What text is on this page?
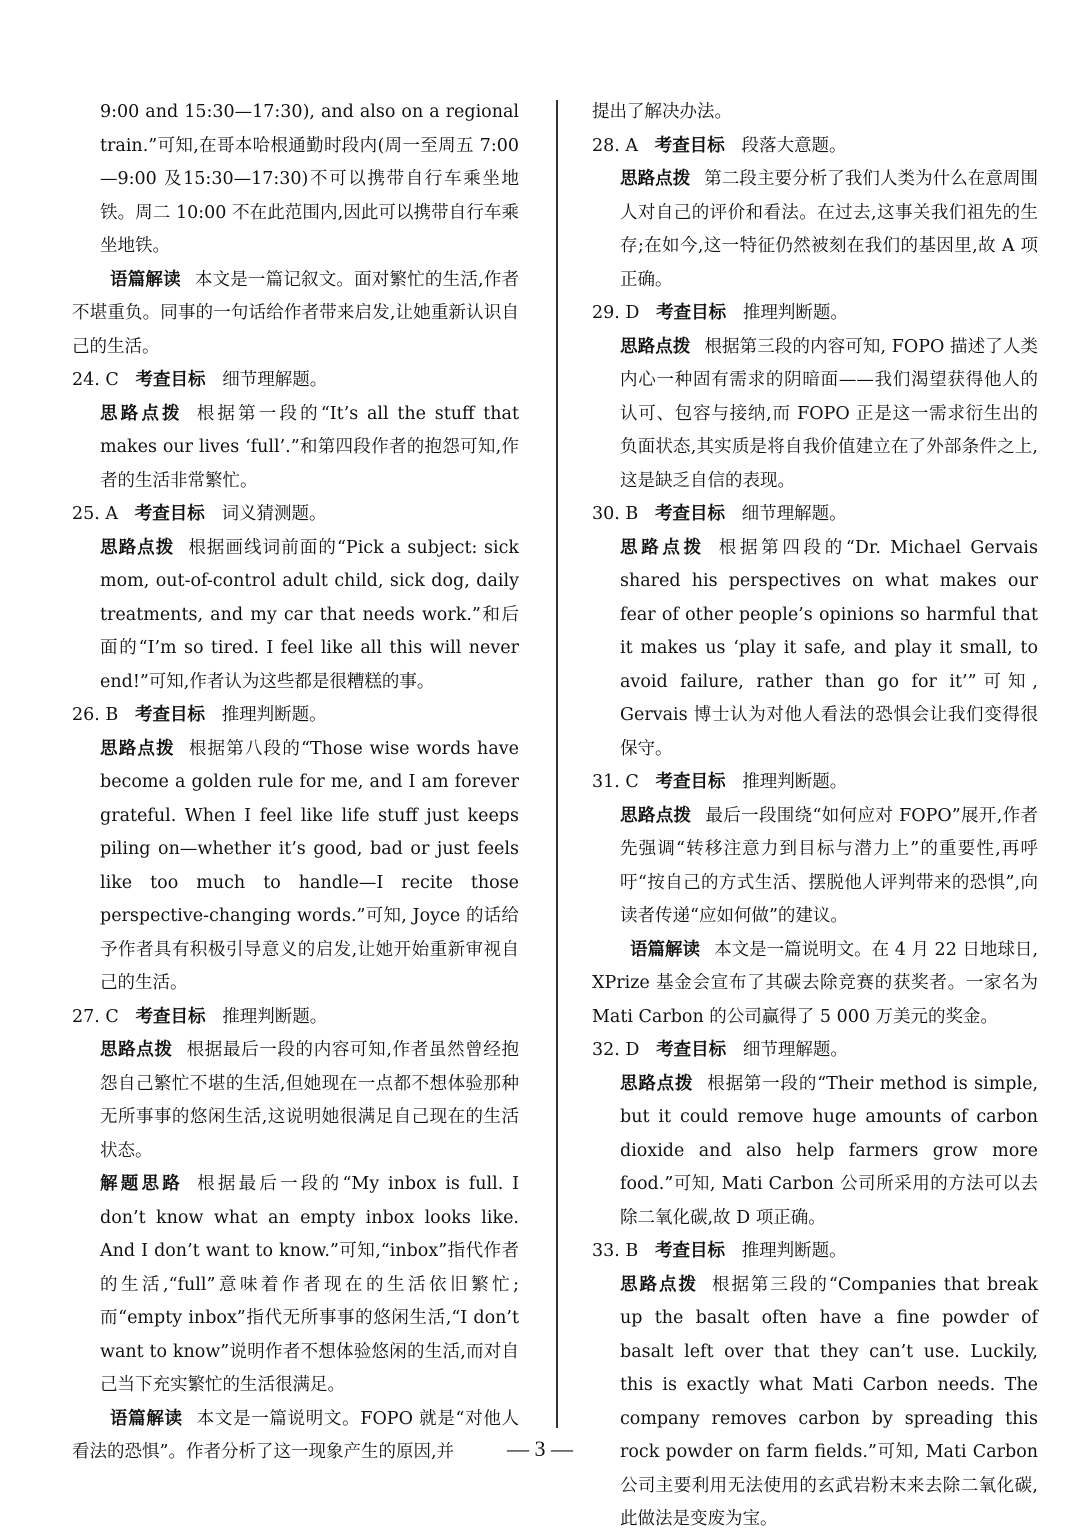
9:00 and 15:30—17:30), and also on a regional train.”可知,在哥本哈根通勤时段内(周一至周五 7:00—9:00 及15:30—17:30)不可以携带自行车乘坐地铁。周二 10:00 不在此范围内,因此可以携带自行车乘坐地铁。

语篇解读 本文是一篇记叙文。面对繁忙的生活,作者不堪重负。同事的一句话给作者带来启发,让她重新认识自己的生活。

24. C 考查目标 细节理解题。

思路点拨 根据第一段的“It’s all the stuff that makes our lives ‘full’.”和第四段作者的抱怨可知,作者的生活非常繁忙。

25. A 考查目标 词义猜测题。

思路点拨 根据画线词前面的“Pick a subject: sick mom, out-of-control adult child, sick dog, daily treatments, and my car that needs work.”和后面的“I’m so tired. I feel like all this will never end!”可知,作者认为这些都是很糟糕的事。

26. B 考查目标 推理判断题。

思路点拨 根据第八段的“Those wise words have become a golden rule for me, and I am forever grateful. When I feel like life stuff just keeps piling on—whether it’s good, bad or just feels like too much to handle—I recite those perspective-changing words.”可知, Joyce 的话给予作者具有积极引导意义的启发,让她开始重新审视自己的生活。

27. C 考查目标 推理判断题。

思路点拨 根据最后一段的内容可知,作者虽然曾经抱怨自己繁忙不堪的生活,但她现在一点都不想体验那种无所事事的悠闲生活,这说明她很满足自己现在的生活状态。

解题思路 根据最后一段的“My inbox is full. I don’t know what an empty inbox looks like. And I don’t want to know.”可知,“inbox”指代作者的生活,“full”意味着作者现在的生活依旧繁忙;而“empty inbox”指代无所事事的悠闲生活,“I don’t want to know”说明作者不想体验悠闲的生活,而对自己当下充实繁忙的生活很满足。

语篇解读 本文是一篇说明文。FOPO 就是“对他人看法的恐惧”。作者分析了这一现象产生的原因,并

提出了解决办法。

28. A 考查目标 段落大意题。

思路点拨 第二段主要分析了我们人类为什么在意周围人对自己的评价和看法。在过去,这事关我们祖先的生存;在如今,这一特征仍然被刻在我们的基因里,故 A 项正确。

29. D 考查目标 推理判断题。

思路点拨 根据第三段的内容可知, FOPO 描述了人类内心一种固有需求的阴暗面——我们渴望获得他人的认可、包容与接纳,而 FOPO 正是这一需求衍生出的负面状态,其实质是将自我价值建立在了外部条件之上,这是缺乏自信的表现。

30. B 考查目标 细节理解题。

思路点拨 根据第四段的“Dr. Michael Gervais shared his perspectives on what makes our fear of other people’s opinions so harmful that it makes us ‘play it safe, and play it small, to avoid failure, rather than go for it’”可知, Gervais 博士认为对他人看法的恐惧会让我们变得很保守。

31. C 考查目标 推理判断题。

思路点拨 最后一段围绕“如何应对 FOPO”展开,作者先强调“转移注意力到目标与潜力上”的重要性,再呼吁“按自己的方式生活、摆脱他人评判带来的恐惧”,向读者传递“应如何做”的建议。

语篇解读 本文是一篇说明文。在 4 月 22 日地球日, XPrize 基金会宣布了其碳去除竞赛的获奖者。一家名为 Mati Carbon 的公司赢得了 5 000 万美元的奖金。

32. D 考查目标 细节理解题。

思路点拨 根据第一段的“Their method is simple, but it could remove huge amounts of carbon dioxide and also help farmers grow more food.”可知, Mati Carbon 公司所采用的方法可以去除二氧化碳,故 D 项正确。

33. B 考查目标 推理判断题。

思路点拨 根据第三段的“Companies that break up the basalt often have a fine powder of basalt left over that they can’t use. Luckily, this is exactly what Mati Carbon needs. The company removes carbon by spreading this rock powder on farm fields.”可知, Mati Carbon 公司主要利用无法使用的玄武岩粉末来去除二氧化碳,此做法是变废为宝。

— 3 —
